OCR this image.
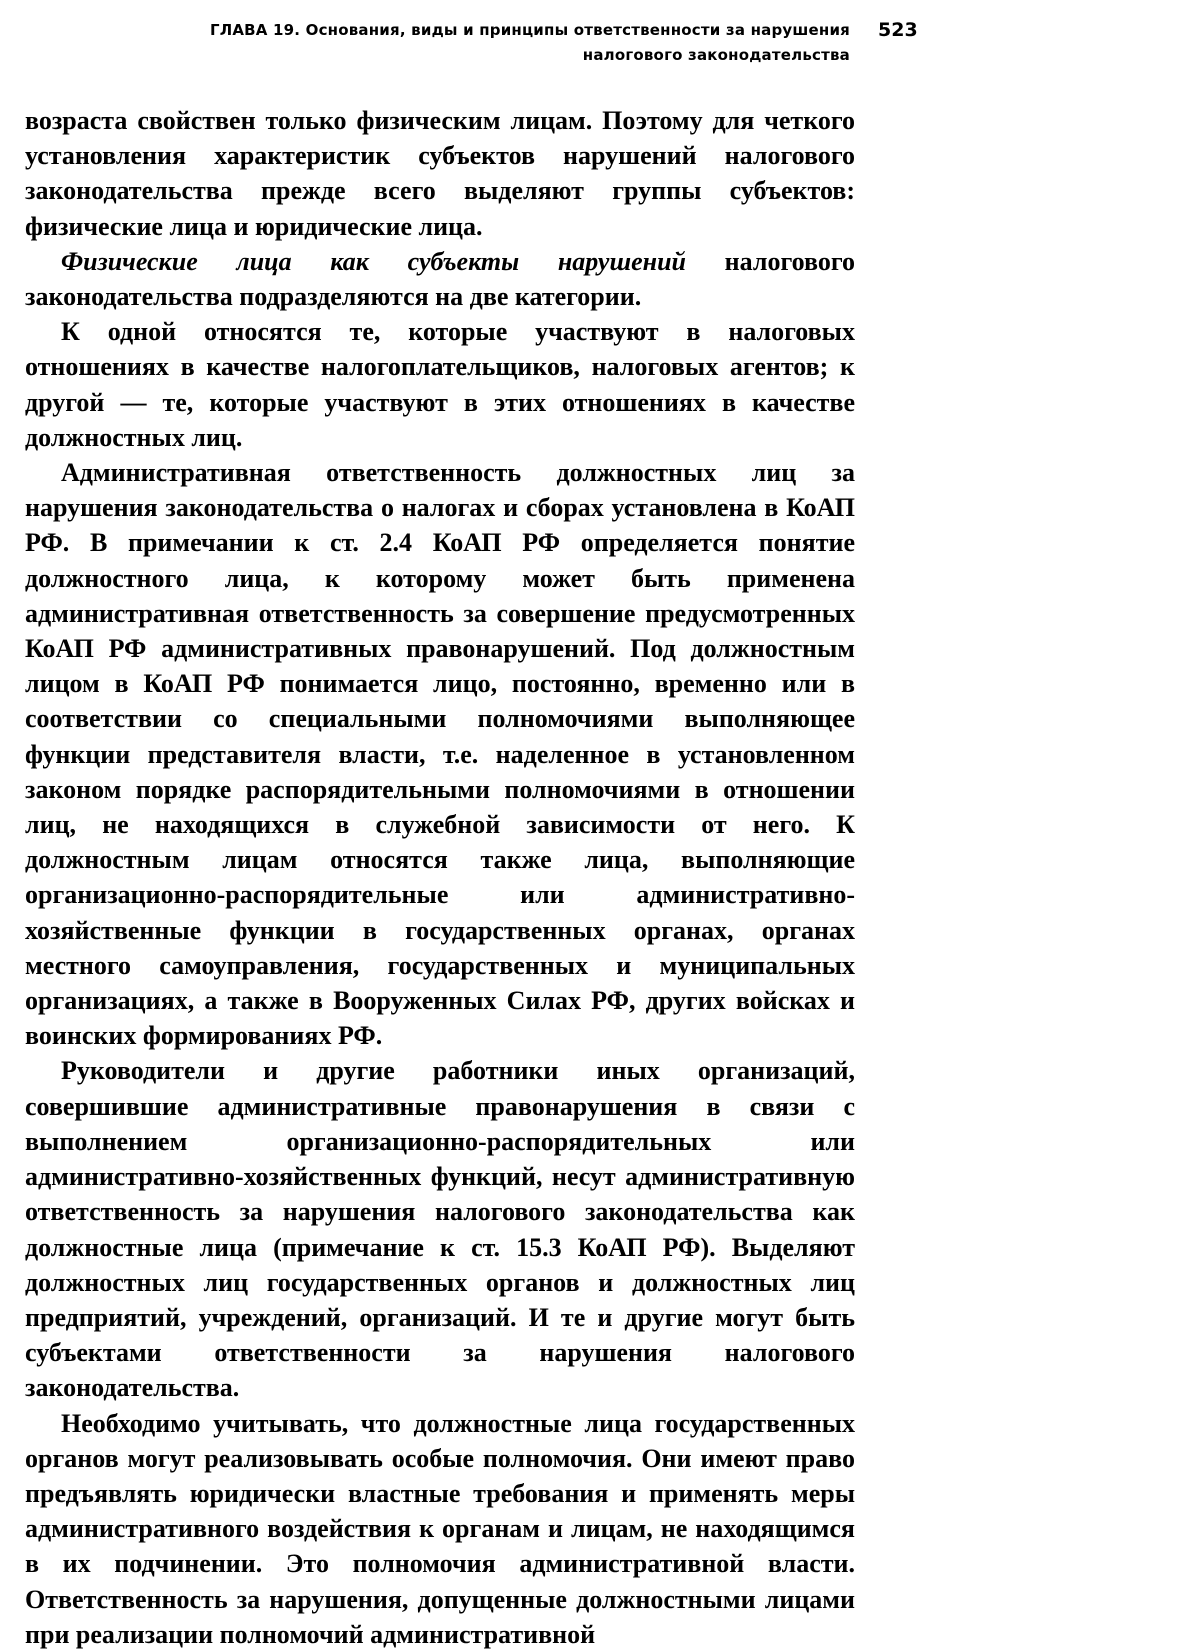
ГЛАВА 19. Основания, виды и принципы ответственности за нарушения
налогового законодательства
523

возраста свойствен только физическим лицам. Поэтому для четкого установления характеристик субъектов нарушений налогового законодательства прежде всего выделяют группы субъектов: физические лица и юридические лица.

Физические лица как субъекты нарушений налогового законодательства подразделяются на две категории.

К одной относятся те, которые участвуют в налоговых отношениях в качестве налогоплательщиков, налоговых агентов; к другой — те, которые участвуют в этих отношениях в качестве должностных лиц.

Административная ответственность должностных лиц за нарушения законодательства о налогах и сборах установлена в КоАП РФ. В примечании к ст. 2.4 КоАП РФ определяется понятие должностного лица, к которому может быть применена административная ответственность за совершение предусмотренных КоАП РФ административных правонарушений. Под должностным лицом в КоАП РФ понимается лицо, постоянно, временно или в соответствии со специальными полномочиями выполняющее функции представителя власти, т.е. наделенное в установленном законом порядке распорядительными полномочиями в отношении лиц, не находящихся в служебной зависимости от него. К должностным лицам относятся также лица, выполняющие организационно-распорядительные или административно-хозяйственные функции в государственных органах, органах местного самоуправления, государственных и муниципальных организациях, а также в Вооруженных Силах РФ, других войсках и воинских формированиях РФ.

Руководители и другие работники иных организаций, совершившие административные правонарушения в связи с выполнением организационно-распорядительных или административно-хозяйственных функций, несут административную ответственность за нарушения налогового законодательства как должностные лица (примечание к ст. 15.3 КоАП РФ). Выделяют должностных лиц государственных органов и должностных лиц предприятий, учреждений, организаций. И те и другие могут быть субъектами ответственности за нарушения налогового законодательства.

Необходимо учитывать, что должностные лица государственных органов могут реализовывать особые полномочия. Они имеют право предъявлять юридически властные требования и применять меры административного воздействия к органам и лицам, не находящимся в их подчинении. Это полномочия административной власти. Ответственность за нарушения, допущенные должностными лицами при реализации полномочий административной
